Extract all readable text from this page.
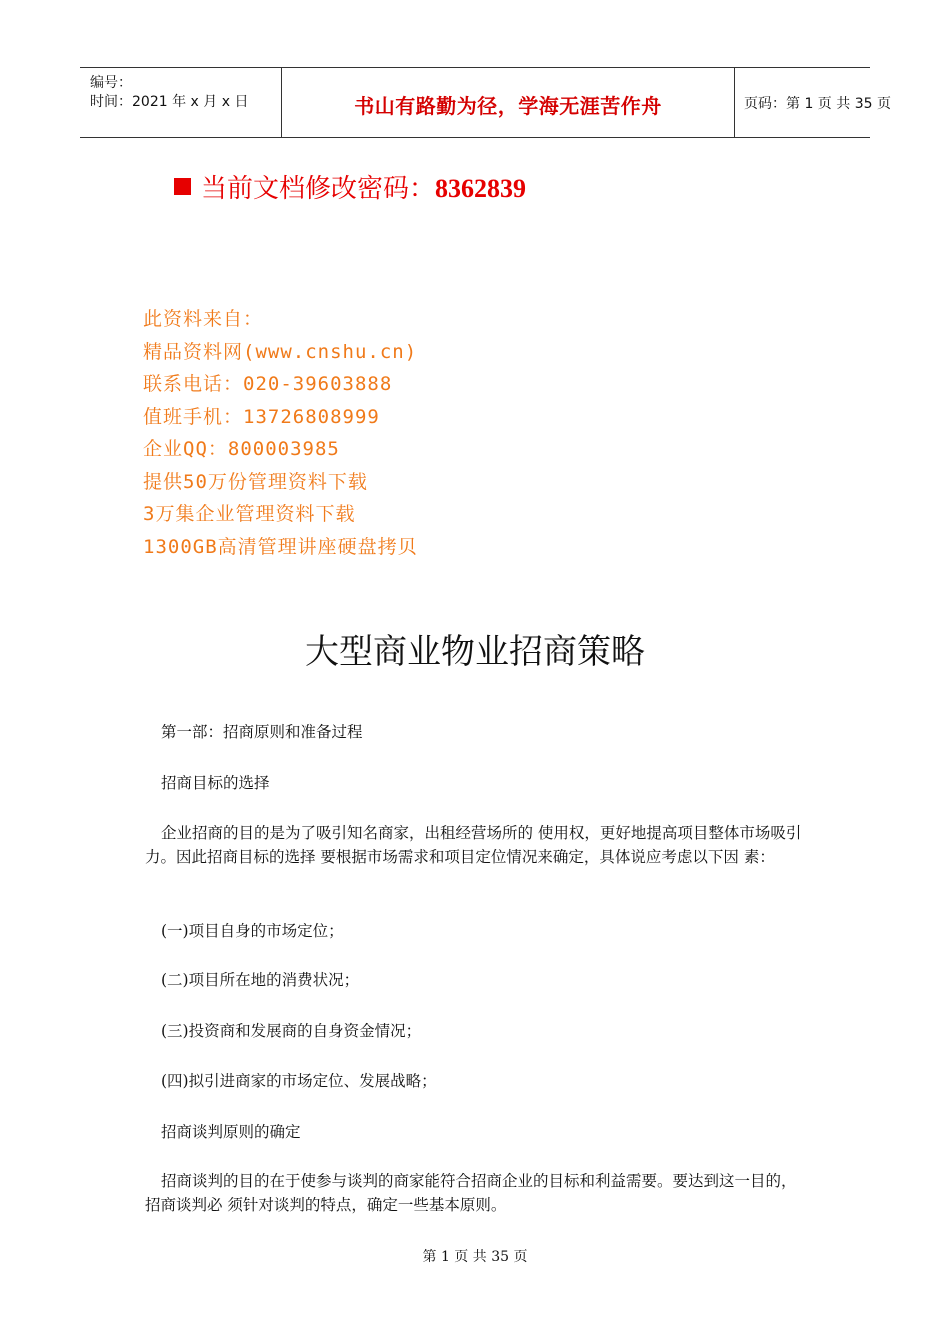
编号：
时间：2021 年 x 月 x 日	书山有路勤为径，学海无涯苦作舟	页码：第 1 页 共 35 页
当前文档修改密码：8362839
此资料来自：
精品资料网(www.cnshu.cn)
联系电话：020-39603888
值班手机：13726808999
企业QQ：800003985
提供50万份管理资料下载
3万集企业管理资料下载
1300GB高清管理讲座硬盘拷贝
大型商业物业招商策略
第一部：招商原则和准备过程
招商目标的选择
企业招商的目的是为了吸引知名商家，出租经营场所的 使用权，更好地提高项目整体市场吸引力。因此招商目标的选择 要根据市场需求和项目定位情况来确定，具体说应考虑以下因 素：
(一)项目自身的市场定位；
(二)项目所在地的消费状况；
(三)投资商和发展商的自身资金情况；
(四)拟引进商家的市场定位、发展战略；
招商谈判原则的确定
招商谈判的目的在于使参与谈判的商家能符合招商企业的目标和利益需要。要达到这一目的，招商谈判必 须针对谈判的特点，确定一些基本原则。
第 1 页 共 35 页
